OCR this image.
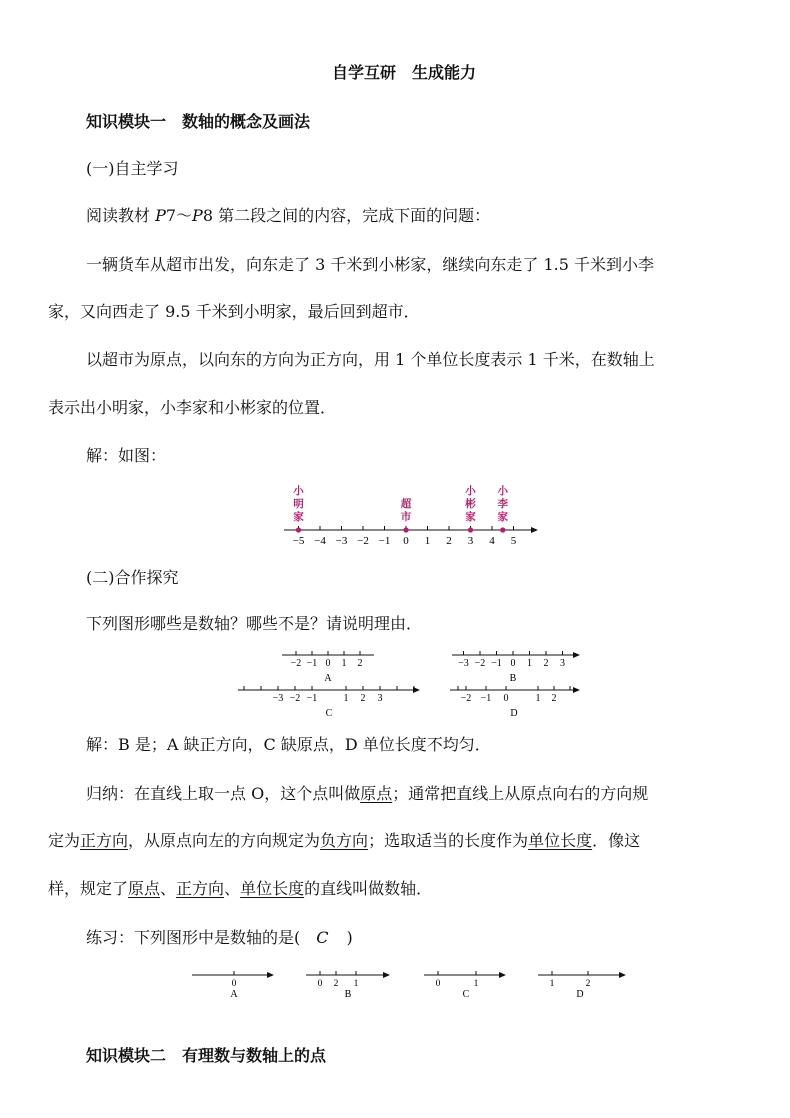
自学互研　生成能力
知识模块一　数轴的概念及画法
(一)自主学习
阅读教材 P7～P8 第二段之间的内容，完成下面的问题：
一辆货车从超市出发，向东走了 3 千米到小彬家，继续向东走了 1.5 千米到小李
家，又向西走了 9.5 千米到小明家，最后回到超市．
以超市为原点，以向东的方向为正方向，用 1 个单位长度表示 1 千米，在数轴上
表示出小明家，小李家和小彬家的位置．
解：如图：
−5 −4 −3 −2 −1 0 1 2 3 4 5
小
明
家
超
市
小
彬
家
小
李
家
(二)合作探究
下列图形哪些是数轴？哪些不是？请说明理由．
−2 −1 0 1 2
A
−3 −2 −1 0 1 2 3
B
−3 −2 −1	1 2 3
C
−2 −1 0	1 2
D
解：B 是；A 缺正方向，C 缺原点，D 单位长度不均匀．
归纳：在直线上取一点 O，这个点叫做原点；通常把直线上从原点向右的方向规
定为正方向，从原点向左的方向规定为负方向；选取适当的长度作为单位长度．像这
样，规定了原点、正方向、单位长度的直线叫做数轴．
练习：下列图形中是数轴的是( C )
0
A
0 2 1
B
0	1
C
1	2
D
知识模块二　有理数与数轴上的点
